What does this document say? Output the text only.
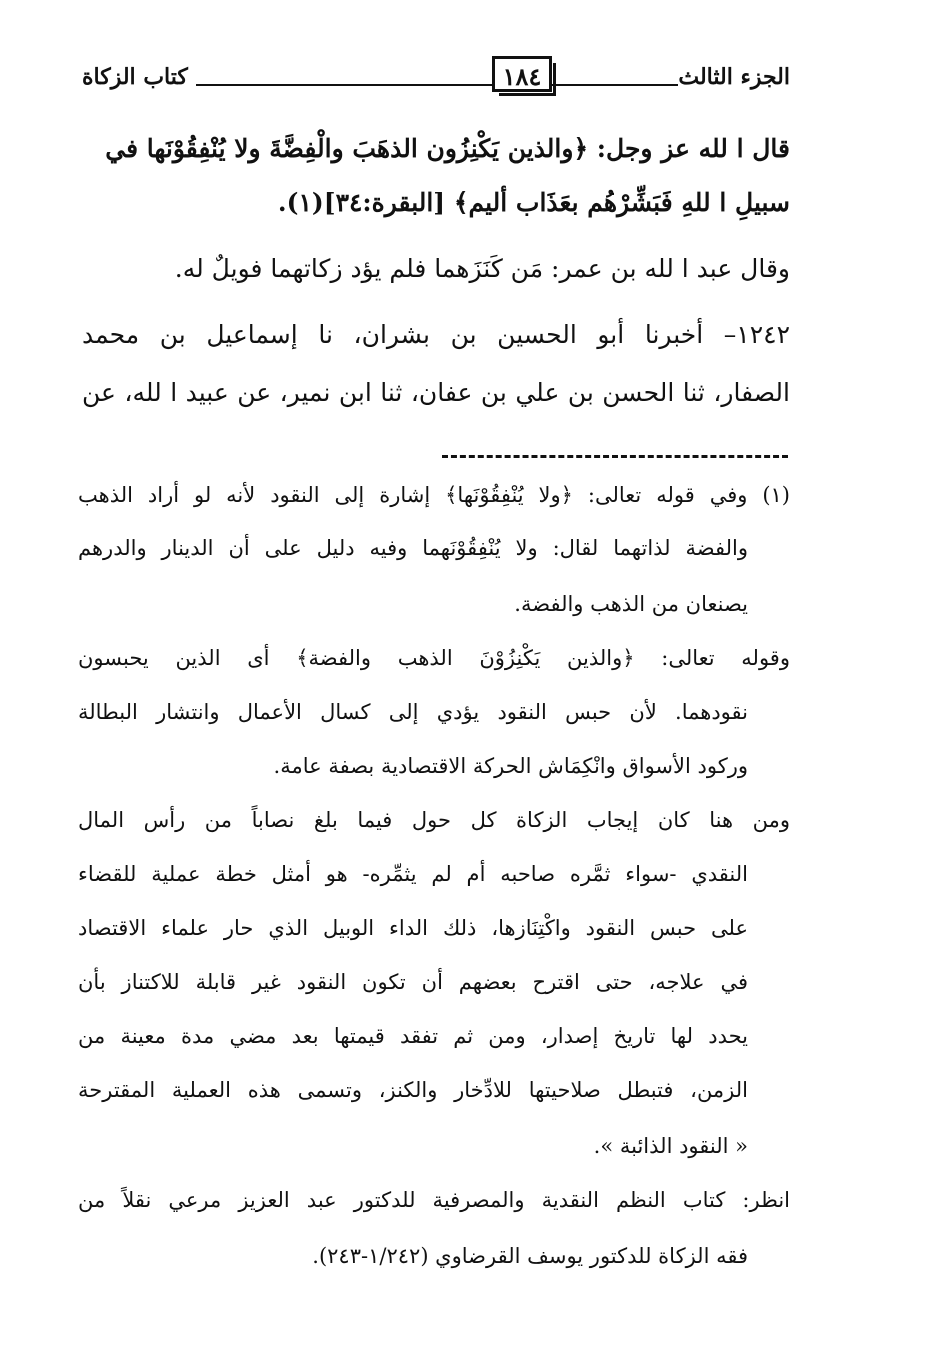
الجزء الثالث
١٨٤
كتاب الزكاة
قال ا لله عز وجل: ﴿والذين يَكْنِزُون الذهَبَ والْفِضَّةَ ولا يُنْفِقُوْنَها في
سبيلِ ا للهِ فَبَشِّرْهُم بعَذَاب أليم﴾ [البقرة:٣٤](١).
وقال عبد ا لله بن عمر: مَن كَنَزَهما فلم يؤد زكاتهما فويلٌ له.
١٢٤٢– أخبرنا أبو الحسين بن بشران، نا إسماعيل بن محمد
الصفار، ثنا الحسن بن علي بن عفان، ثنا ابن نمير، عن عبيد ا لله، عن
(١) وفي قوله تعالى: ﴿ولا يُنْفِقُوْنَها﴾ إشارة إلى النقود لأنه لو أراد الذهب
والفضة لذاتهما لقال: ولا يُنْفِقُوْنَهما وفيه دليل على أن الدينار والدرهم
يصنعان من الذهب والفضة.
وقوله تعالى: ﴿والذين يَكْنِزُوْنَ الذهب والفضة﴾ أى الذين يحبسون
نقودهما. لأن حبس النقود يؤدي إلى كسال الأعمال وانتشار البطالة
وركود الأسواق وانْكِمَاش الحركة الاقتصادية بصفة عامة.
ومن هنا كان إيجاب الزكاة كل حول فيما بلغ نصاباً من رأس المال
النقدي -سواء ثمَّره صاحبه أم لم يثمِّره- هو أمثل خطة عملية للقضاء
على حبس النقود واكْتِنَازها، ذلك الداء الوبيل الذي حار علماء الاقتصاد
في علاجه، حتى اقترح بعضهم أن تكون النقود غير قابلة للاكتناز بأن
يحدد لها تاريخ إصدار، ومن ثم تفقد قيمتها بعد مضي مدة معينة من
الزمن، فتبطل صلاحيتها للادِّخار والكنز، وتسمى هذه العملية المقترحة
« النقود الذائبة ».
انظر: كتاب النظم النقدية والمصرفية للدكتور عبد العزيز مرعي نقلاً من
فقه الزكاة للدكتور يوسف القرضاوي (١/٢٤٢-٢٤٣).
